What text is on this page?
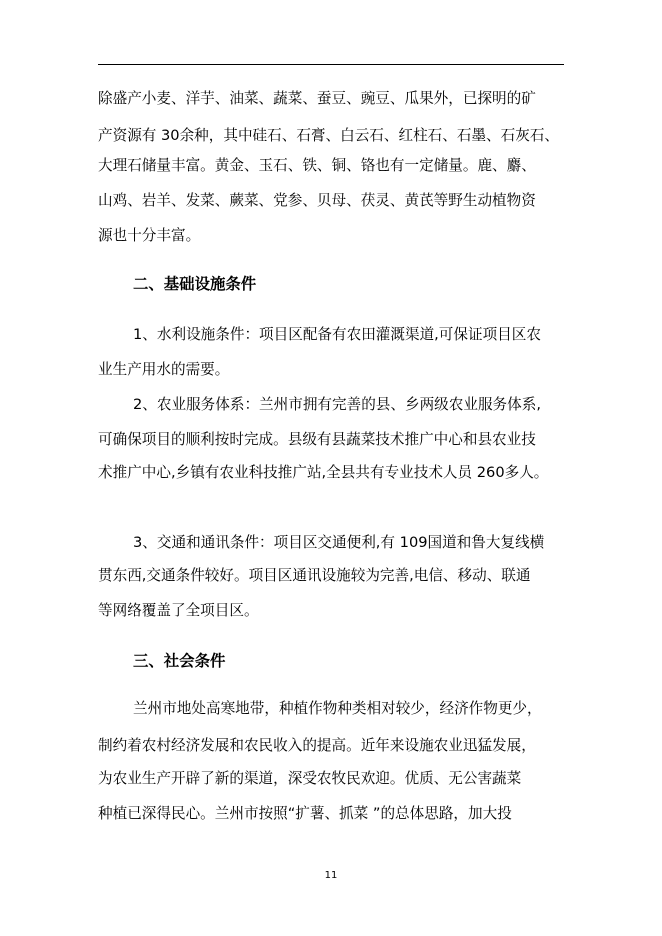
除盛产小麦、洋芋、油菜、蔬菜、蚕豆、豌豆、瓜果外，已探明的矿
产资源有 30余种，其中硅石、石膏、白云石、红柱石、石墨、石灰石、
大理石储量丰富。黄金、玉石、铁、铜、铬也有一定储量。鹿、麝、
山鸡、岩羊、发菜、蕨菜、党参、贝母、茯灵、黄芪等野生动植物资
源也十分丰富。
二、基础设施条件
1、水利设施条件：项目区配备有农田灌溉渠道,可保证项目区农
业生产用水的需要。
2、农业服务体系：兰州市拥有完善的县、乡两级农业服务体系,
可确保项目的顺利按时完成。县级有县蔬菜技术推广中心和县农业技
术推广中心,乡镇有农业科技推广站,全县共有专业技术人员 260多人。
3、交通和通讯条件：项目区交通便利,有 109国道和鲁大复线横
贯东西,交通条件较好。项目区通讯设施较为完善,电信、移动、联通
等网络覆盖了全项目区。
三、社会条件
兰州市地处高寒地带，种植作物种类相对较少，经济作物更少，
制约着农村经济发展和农民收入的提高。近年来设施农业迅猛发展，
为农业生产开辟了新的渠道，深受农牧民欢迎。优质、无公害蔬菜
种植已深得民心。兰州市按照“扩薯、抓菜 ”的总体思路，加大投
11
